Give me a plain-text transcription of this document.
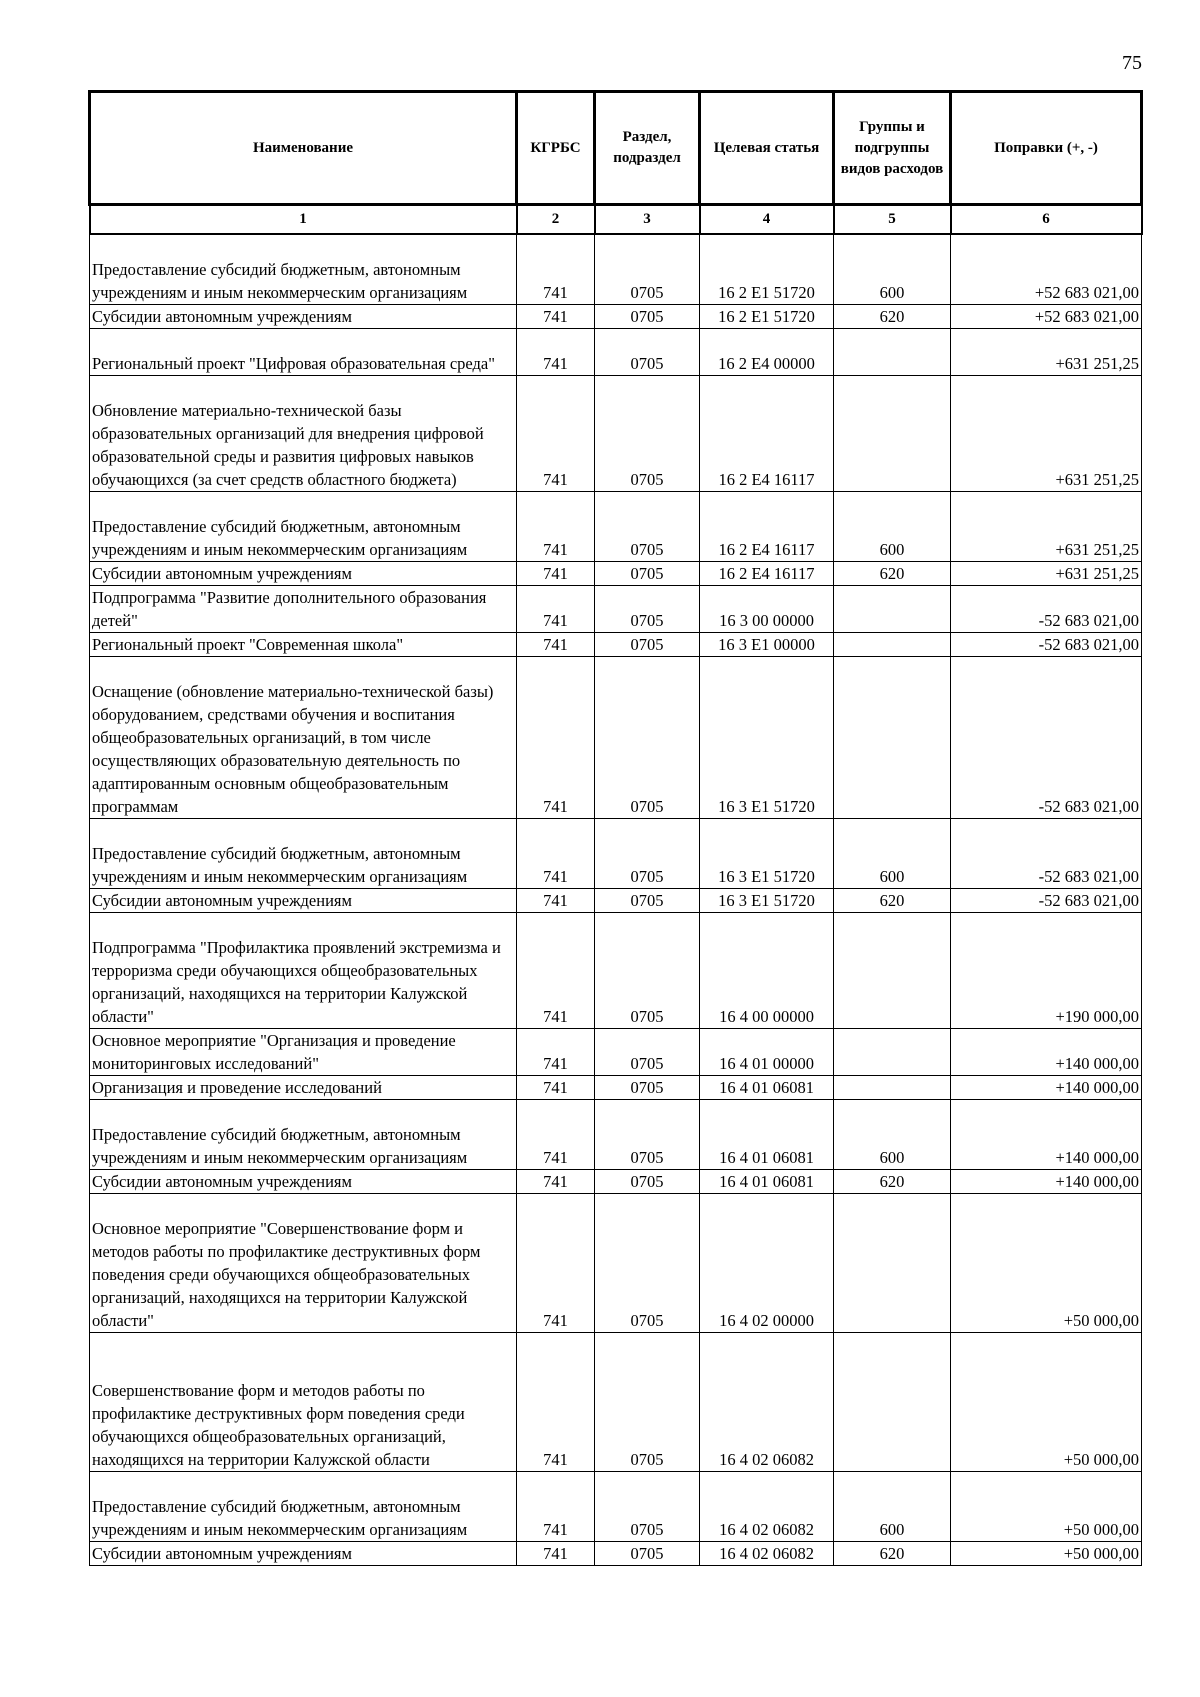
75
Наименование	КГРБС	Раздел, подраздел	Целевая статья	Группы и подгруппы видов расходов	Поправки (+, -)
1	2	3	4	5	6
Предоставление субсидий бюджетным, автономным учреждениям и иным некоммерческим организациям	741	0705	16 2 E1 51720	600	+52 683 021,00
Субсидии автономным учреждениям	741	0705	16 2 E1 51720	620	+52 683 021,00
Региональный проект "Цифровая образовательная среда"	741	0705	16 2 E4 00000		+631 251,25
Обновление материально-технической базы образовательных организаций для внедрения цифровой образовательной среды и развития цифровых навыков обучающихся (за счет средств областного бюджета)	741	0705	16 2 E4 16117		+631 251,25
Предоставление субсидий бюджетным, автономным учреждениям и иным некоммерческим организациям	741	0705	16 2 E4 16117	600	+631 251,25
Субсидии автономным учреждениям	741	0705	16 2 E4 16117	620	+631 251,25
Подпрограмма "Развитие дополнительного образования детей"	741	0705	16 3 00 00000		-52 683 021,00
Региональный проект "Современная школа"	741	0705	16 3 E1 00000		-52 683 021,00
Оснащение (обновление материально-технической базы) оборудованием, средствами обучения и воспитания общеобразовательных организаций, в том числе осуществляющих образовательную деятельность по адаптированным основным общеобразовательным программам	741	0705	16 3 E1 51720		-52 683 021,00
Предоставление субсидий бюджетным, автономным учреждениям и иным некоммерческим организациям	741	0705	16 3 E1 51720	600	-52 683 021,00
Субсидии автономным учреждениям	741	0705	16 3 E1 51720	620	-52 683 021,00
Подпрограмма "Профилактика проявлений экстремизма и терроризма среди обучающихся общеобразовательных организаций, находящихся на территории Калужской области"	741	0705	16 4 00 00000		+190 000,00
Основное мероприятие "Организация и проведение мониторинговых исследований"	741	0705	16 4 01 00000		+140 000,00
Организация и проведение исследований	741	0705	16 4 01 06081		+140 000,00
Предоставление субсидий бюджетным, автономным учреждениям и иным некоммерческим организациям	741	0705	16 4 01 06081	600	+140 000,00
Субсидии автономным учреждениям	741	0705	16 4 01 06081	620	+140 000,00
Основное мероприятие "Совершенствование форм и методов работы по профилактике деструктивных форм поведения среди обучающихся общеобразовательных организаций, находящихся на территории Калужской области"	741	0705	16 4 02 00000		+50 000,00
Совершенствование форм и методов работы по профилактике деструктивных форм поведения среди обучающихся общеобразовательных организаций, находящихся на территории Калужской области	741	0705	16 4 02 06082		+50 000,00
Предоставление субсидий бюджетным, автономным учреждениям и иным некоммерческим организациям	741	0705	16 4 02 06082	600	+50 000,00
Субсидии автономным учреждениям	741	0705	16 4 02 06082	620	+50 000,00
